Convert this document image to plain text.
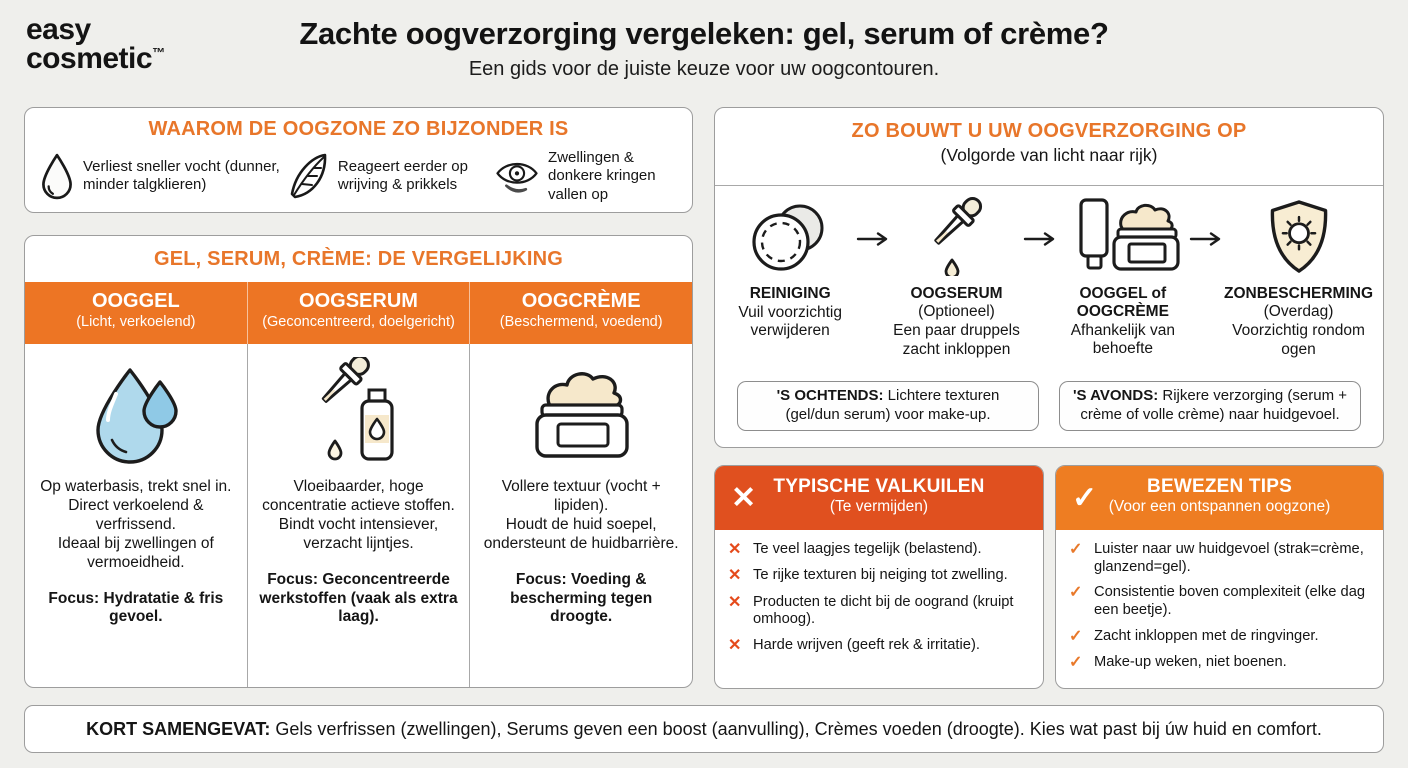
easy
cosmetic™
Zachte oogverzorging vergeleken: gel, serum of crème?
Een gids voor de juiste keuze voor uw oogcontouren.
WAAROM DE OOGZONE ZO BIJZONDER IS
Verliest sneller vocht (dunner, minder talgklieren)
Reageert eerder op wrijving & prikkels
Zwellingen & donkere kringen vallen op
GEL, SERUM, CRÈME: DE VERGELIJKING
OOGGEL
(Licht, verkoelend)
OOGSERUM
(Geconcentreerd, doelgericht)
OOGCRÈME
(Beschermend, voedend)
Op waterbasis, trekt snel in. Direct verkoelend & verfrissend.
Ideaal bij zwellingen of vermoeidheid.
Focus: Hydratatie & fris gevoel.
Vloeibaarder, hoge concentratie actieve stoffen.
Bindt vocht intensiever, verzacht lijntjes.
Focus: Geconcentreerde werkstoffen (vaak als extra laag).
Vollere textuur (vocht + lipiden).
Houdt de huid soepel, ondersteunt de huidbarrière.
Focus: Voeding & bescherming tegen droogte.
ZO BOUWT U UW OOGVERZORGING OP
(Volgorde van licht naar rijk)
REINIGING
Vuil voorzichtig verwijderen
OOGSERUM
(Optioneel)
Een paar druppels zacht inkloppen
OOGGEL of OOGCRÈME
Afhankelijk van behoefte
ZONBESCHERMING
(Overdag)
Voorzichtig rondom ogen
'S OCHTENDS: Lichtere texturen (gel/dun serum) voor make-up.
'S AVONDS: Rijkere verzorging (serum + crème of volle crème) naar huidgevoel.
✕ TYPISCHE VALKUILEN
(Te vermijden)
✕ Te veel laagjes tegelijk (belastend).
✕ Te rijke texturen bij neiging tot zwelling.
✕ Producten te dicht bij de oogrand (kruipt omhoog).
✕ Harde wrijven (geeft rek & irritatie).
✓	BEWEZEN TIPS
(Voor een ontspannen oogzone)
✓ Luister naar uw huidgevoel (strak=crème, glanzend=gel).
✓ Consistentie boven complexiteit (elke dag een beetje).
✓ Zacht inkloppen met de ringvinger.
✓ Make-up weken, niet boenen.
KORT SAMENGEVAT: Gels verfrissen (zwellingen), Serums geven een boost (aanvulling), Crèmes voeden (droogte). Kies wat past bij úw huid en comfort.
